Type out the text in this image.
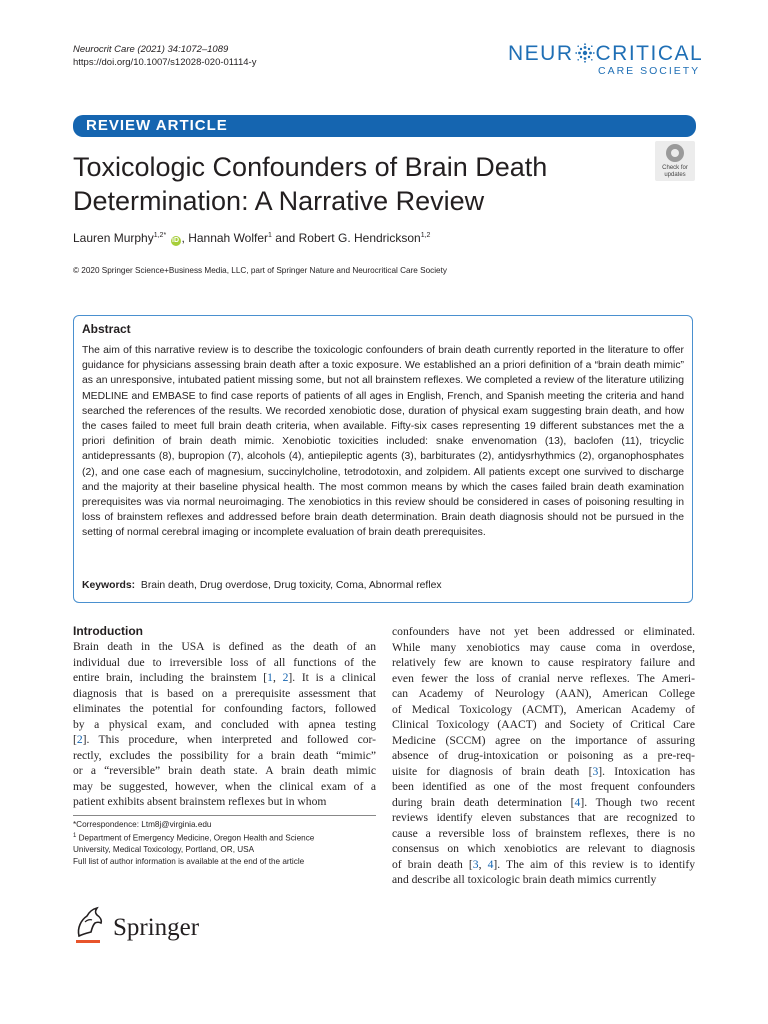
Neurocrit Care (2021) 34:1072–1089
https://doi.org/10.1007/s12028-020-01114-y	NEUR CRITICAL
CARE SOCIETY
REVIEW ARTICLE
Toxicologic Confounders of Brain Death
Determination: A Narrative Review
Check for
updates
Lauren Murphy$^{1,2*}$ iD , Hannah Wolfer$^1$ and Robert G. Hendrickson$^{1,2}$
© 2020 Springer Science+Business Media, LLC, part of Springer Nature and Neurocritical Care Society
Abstract
The aim of this narrative review is to describe the toxicologic confounders of brain death currently reported in the literature to offer guidance for physicians assessing brain death after a toxic exposure. We established an a priori definition of a “brain death mimic” as an unresponsive, intubated patient missing some, but not all brainstem reflexes. We completed a review of the literature utilizing MEDLINE and EMBASE to find case reports of patients of all ages in English, French, and Spanish meeting the criteria and hand searched the references of the results. We recorded xenobiotic dose, duration of physical exam suggesting brain death, and how the cases failed to meet full brain death criteria, when available. Fifty-six cases representing 19 different substances met the a priori definition of brain death mimic. Xenobiotic toxicities included: snake envenomation (13), baclofen (11), tricyclic antidepressants (8), bupropion (7), alcohols (4), antiepileptic agents (3), barbiturates (2), antidysrhythmics (2), organophosphates (2), and one case each of magnesium, succinylcholine, tetrodotoxin, and zolpidem. All patients except one survived to discharge and the majority at their baseline physical health. The most common means by which the cases failed brain death examination prerequisites was via normal neuroimaging. The xenobiotics in this review should be considered in cases of poisoning resulting in loss of brainstem reflexes and addressed before brain death determination. Brain death diagnosis should not be pursued in the setting of normal cerebral imaging or incomplete evaluation of brain death prerequisites.
Keywords: Brain death, Drug overdose, Drug toxicity, Coma, Abnormal reflex
Introduction
Brain death in the USA is defined as the death of an
individual due to irreversible loss of all functions of the
entire brain, including the brainstem [1, 2]. It is a clinical
diagnosis that is based on a prerequisite assessment that
eliminates the potential for confounding factors, followed
by a physical exam, and concluded with apnea testing
[2]. This procedure, when interpreted and followed cor-
rectly, excludes the possibility for a brain death “mimic”
or a “reversible” brain death state. A brain death mimic
may be suggested, however, when the clinical exam of a
patient exhibits absent brainstem reflexes but in whom
confounders have not yet been addressed or eliminated.
While many xenobiotics may cause coma in overdose,
relatively few are known to cause respiratory failure and
even fewer the loss of cranial nerve reflexes. The Ameri-
can Academy of Neurology (AAN), American College
of Medical Toxicology (ACMT), American Academy of
Clinical Toxicology (AACT) and Society of Critical Care
Medicine (SCCM) agree on the importance of assuring
absence of drug-intoxication or poisoning as a pre-req-
uisite for diagnosis of brain death [3]. Intoxication has
been identified as one of the most frequent confounders
during brain death determination [4]. Though two recent
reviews identify eleven substances that are recognized to
cause a reversible loss of brainstem reflexes, there is no
consensus on which xenobiotics are relevant to diagnosis
of brain death [3, 4]. The aim of this review is to identify
and describe all toxicologic brain death mimics currently
*Correspondence: Ltm8j@virginia.edu
$^1$ Department of Emergency Medicine, Oregon Health and Science
University, Medical Toxicology, Portland, OR, USA
Full list of author information is available at the end of the article
Springer
